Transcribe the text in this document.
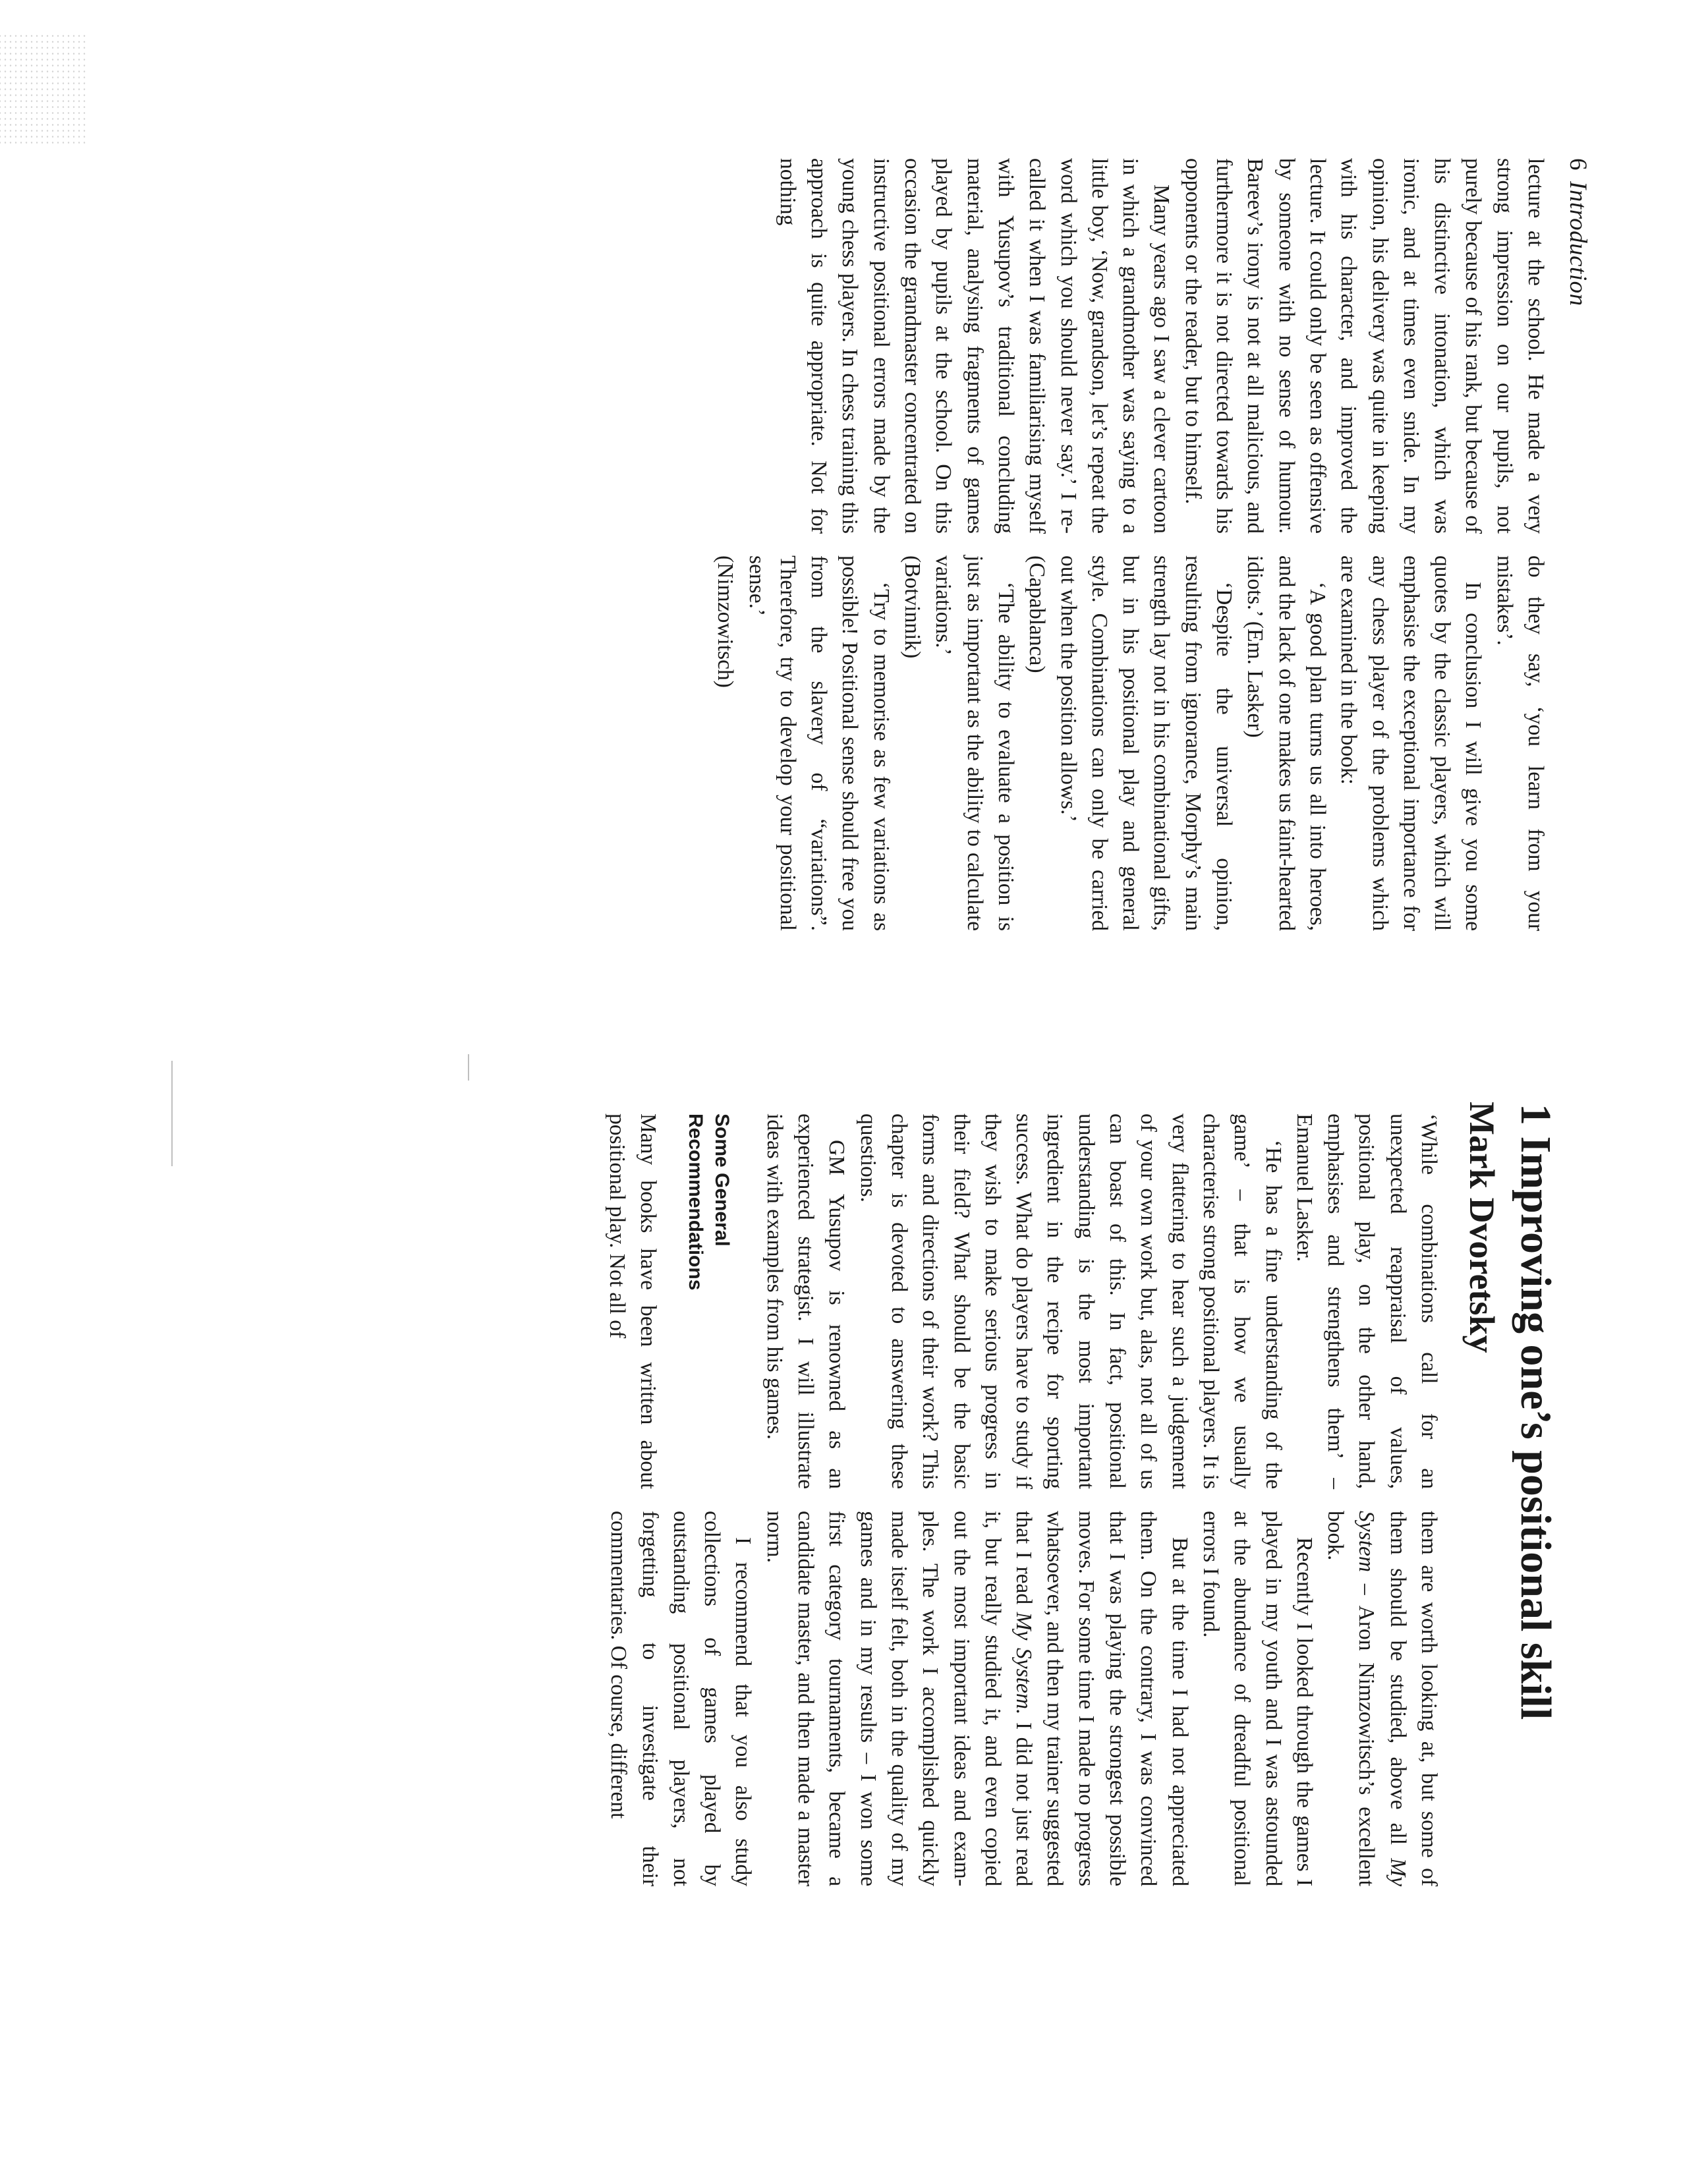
6Introduction

lecture at the school. He made a very strong impression on our pupils, not purely because of his rank, but because of his distinctive intonation, which was ironic, and at times even snide. In my opinion, his delivery was quite in keeping with his character, and improved the lecture. It could only be seen as offensive by someone with no sense of humour. Bareev’s irony is not at all malicious, and furthermore it is not directed towards his opponents or the reader, but to himself.

Many years ago I saw a clever cartoon in which a grandmother was saying to a little boy, ‘Now, grandson, let’s repeat the word which you should never say.’ I recalled it when I was familiarising myself with Yusupov’s traditional concluding material, analysing fragments of games played by pupils at the school. On this occasion the grandmaster concentrated on instructive positional errors made by the young chess players. In chess training this approach is quite appropriate. Not for nothing

do they say, ‘you learn from your mistakes’.

In conclusion I will give you some quotes by the classic players, which will emphasise the exceptional importance for any chess player of the problems which are examined in the book:

‘A good plan turns us all into heroes, and the lack of one makes us faint-hearted idiots.’ (Em. Lasker)

‘Despite the universal opinion, resulting from ignorance, Morphy’s main strength lay not in his combinational gifts, but in his positional play and general style. Combinations can only be carried out when the position allows.’

(Capablanca)

‘The ability to evaluate a position is just as important as the ability to calculate variations.’

(Botvinnik)

‘Try to memorise as few variations as possible! Positional sense should free you from the slavery of “variations”. Therefore, try to develop your positional sense.’

(Nimzowitsch)

1 Improving one’s positional skill
Mark Dvoretsky

‘While combinations call for an unexpected reappraisal of values, positional play, on the other hand, emphasises and strengthens them’ – Emanuel Lasker.

‘He has a fine understanding of the game’ – that is how we usually characterise strong positional players. It is very flattering to hear such a judgement of your own work but, alas, not all of us can boast of this. In fact, positional understanding is the most important ingredient in the recipe for sporting success. What do players have to study if they wish to make serious progress in their field? What should be the basic forms and directions of their work? This chapter is devoted to answering these questions.

GM Yusupov is renowned as an experienced strategist. I will illustrate ideas with examples from his games.

Some General
Recommendations

Many books have been written about positional play. Not all of

them are worth looking at, but some of them should be studied, above all My System – Aron Nimzowitsch’s excellent book.

Recently I looked through the games I played in my youth and I was astounded at the abundance of dreadful positional errors I found.

But at the time I had not appreciated them. On the contrary, I was convinced that I was playing the strongest possible moves. For some time I made no progress whatsoever, and then my trainer suggested that I read My System. I did not just read it, but really studied it, and even copied out the most important ideas and examples. The work I accomplished quickly made itself felt, both in the quality of my games and in my results – I won some first category tournaments, became a candidate master, and then made a master norm.

I recommend that you also study collections of games played by outstanding positional players, not forgetting to investigate their commentaries. Of course, different
